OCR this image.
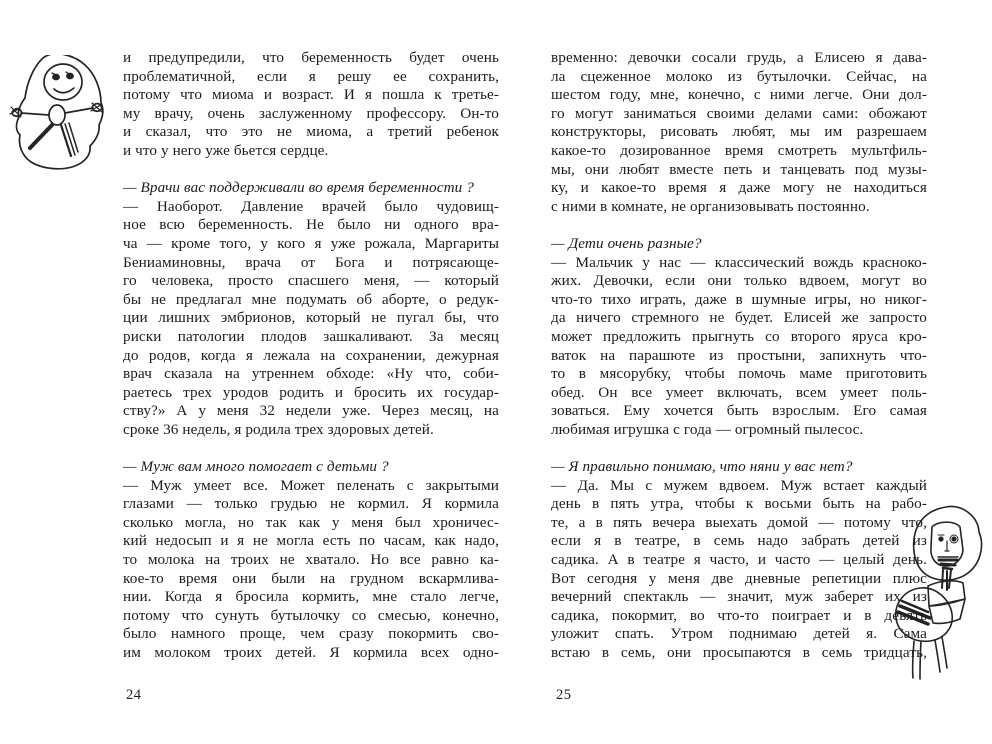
и предупредили, что беременность будет очень
проблематичной, если я решу ее сохранить,
потому что миома и возраст. И я пошла к третье-
му врачу, очень заслуженному профессору. Он-то
и сказал, что это не миома, а третий ребенок
и что у него уже бьется сердце.
— Врачи вас поддерживали во время беременности ?
— Наоборот. Давление врачей было чудовищ-
ное всю беременность. Не было ни одного вра-
ча — кроме того, у кого я уже рожала, Маргариты
Бениаминовны, врача от Бога и потрясающе-
го человека, просто спасшего меня, — который
бы не предлагал мне подумать об аборте, о редук-
ции лишних эмбрионов, который не пугал бы, что
риски патологии плодов зашкаливают. За месяц
до родов, когда я лежала на сохранении, дежурная
врач сказала на утреннем обходе: «Ну что, соби-
раетесь трех уродов родить и бросить их государ-
ству?» А у меня 32 недели уже. Через месяц, на
сроке 36 недель, я родила трех здоровых детей.
— Муж вам много помогает с детьми ?
— Муж умеет все. Может пеленать с закрытыми
глазами — только грудью не кормил. Я кормила
сколько могла, но так как у меня был хроничес-
кий недосып и я не могла есть по часам, как надо,
то молока на троих не хватало. Но все равно ка-
кое-то время они были на грудном вскармлива-
нии. Когда я бросила кормить, мне стало легче,
потому что сунуть бутылочку со смесью, конечно,
было намного проще, чем сразу покормить сво-
им молоком троих детей. Я кормила всех одно-
временно: девочки сосали грудь, а Елисею я дава-
ла сцеженное молоко из бутылочки. Сейчас, на
шестом году, мне, конечно, с ними легче. Они дол-
го могут заниматься своими делами сами: обожают
конструкторы, рисовать любят, мы им разрешаем
какое-то дозированное время смотреть мультфиль-
мы, они любят вместе петь и танцевать под музы-
ку, и какое-то время я даже могу не находиться
с ними в комнате, не организовывать постоянно.
— Дети очень разные?
— Мальчик у нас — классический вождь красноко-
жих. Девочки, если они только вдвоем, могут во
что-то тихо играть, даже в шумные игры, но никог-
да ничего стремного не будет. Елисей же запросто
может предложить прыгнуть со второго яруса кро-
ваток на парашюте из простыни, запихнуть что-
то в мясорубку, чтобы помочь маме приготовить
обед. Он все умеет включать, всем умеет поль-
зоваться. Ему хочется быть взрослым. Его самая
любимая игрушка с года — огромный пылесос.
— Я правильно понимаю, что няни у вас нет?
— Да. Мы с мужем вдвоем. Муж встает каждый
день в пять утра, чтобы к восьми быть на рабо-
те, а в пять вечера выехать домой — потому что,
если я в театре, в семь надо забрать детей из
садика. А в театре я часто, и часто — целый день.
Вот сегодня у меня две дневные репетиции плюс
вечерний спектакль — значит, муж заберет их из
садика, покормит, во что-то поиграет и в девять
уложит спать. Утром поднимаю детей я. Сама
встаю в семь, они просыпаются в семь тридцать,
24	25
